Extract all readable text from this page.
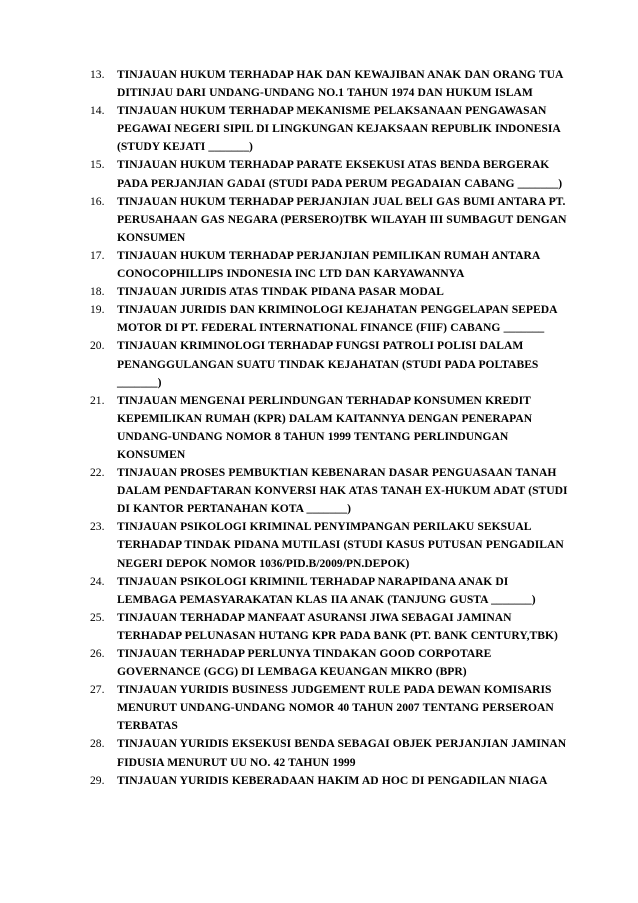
13. TINJAUAN HUKUM TERHADAP HAK DAN KEWAJIBAN ANAK DAN ORANG TUA DITINJAU DARI UNDANG-UNDANG NO.1 TAHUN 1974 DAN HUKUM ISLAM
14. TINJAUAN HUKUM TERHADAP MEKANISME PELAKSANAAN PENGAWASAN PEGAWAI NEGERI SIPIL DI LINGKUNGAN KEJAKSAAN REPUBLIK INDONESIA (STUDY KEJATI _______)
15. TINJAUAN HUKUM TERHADAP PARATE EKSEKUSI ATAS BENDA BERGERAK PADA PERJANJIAN GADAI (STUDI PADA PERUM PEGADAIAN CABANG _______)
16. TINJAUAN HUKUM TERHADAP PERJANJIAN JUAL BELI GAS BUMI ANTARA PT. PERUSAHAAN GAS NEGARA (PERSERO)TBK WILAYAH III SUMBAGUT DENGAN KONSUMEN
17. TINJAUAN HUKUM TERHADAP PERJANJIAN PEMILIKAN RUMAH ANTARA CONOCOPHILLIPS INDONESIA INC LTD DAN KARYAWANNYA
18. TINJAUAN JURIDIS ATAS TINDAK PIDANA PASAR MODAL
19. TINJAUAN JURIDIS DAN KRIMINOLOGI KEJAHATAN PENGGELAPAN SEPEDA MOTOR DI PT. FEDERAL INTERNATIONAL FINANCE (FIIF) CABANG _______
20. TINJAUAN KRIMINOLOGI TERHADAP FUNGSI PATROLI POLISI DALAM PENANGGULANGAN SUATU TINDAK KEJAHATAN (STUDI PADA POLTABES _______)
21. TINJAUAN MENGENAI PERLINDUNGAN TERHADAP KONSUMEN KREDIT KEPEMILIKAN RUMAH (KPR) DALAM KAITANNYA DENGAN PENERAPAN UNDANG-UNDANG NOMOR 8 TAHUN 1999 TENTANG PERLINDUNGAN KONSUMEN
22. TINJAUAN PROSES PEMBUKTIAN KEBENARAN DASAR PENGUASAAN TANAH DALAM PENDAFTARAN KONVERSI HAK ATAS TANAH EX-HUKUM ADAT (STUDI DI KANTOR PERTANAHAN KOTA _______)
23. TINJAUAN PSIKOLOGI KRIMINAL PENYIMPANGAN PERILAKU SEKSUAL TERHADAP TINDAK PIDANA MUTILASI (STUDI KASUS PUTUSAN PENGADILAN NEGERI DEPOK NOMOR 1036/PID.B/2009/PN.DEPOK)
24. TINJAUAN PSIKOLOGI KRIMINIL TERHADAP NARAPIDANA ANAK DI LEMBAGA PEMASYARAKATAN KLAS IIA ANAK (TANJUNG GUSTA _______)
25. TINJAUAN TERHADAP MANFAAT ASURANSI JIWA SEBAGAI JAMINAN TERHADAP PELUNASAN HUTANG KPR PADA BANK (PT. BANK CENTURY,TBK)
26. TINJAUAN TERHADAP PERLUNYA TINDAKAN GOOD CORPOTARE GOVERNANCE (GCG) DI LEMBAGA KEUANGAN MIKRO (BPR)
27. TINJAUAN YURIDIS BUSINESS JUDGEMENT RULE PADA DEWAN KOMISARIS MENURUT UNDANG-UNDANG NOMOR 40 TAHUN 2007 TENTANG PERSEROAN TERBATAS
28. TINJAUAN YURIDIS EKSEKUSI BENDA SEBAGAI OBJEK PERJANJIAN JAMINAN FIDUSIA MENURUT UU NO. 42 TAHUN 1999
29. TINJAUAN YURIDIS KEBERADAAN HAKIM AD HOC DI PENGADILAN NIAGA
